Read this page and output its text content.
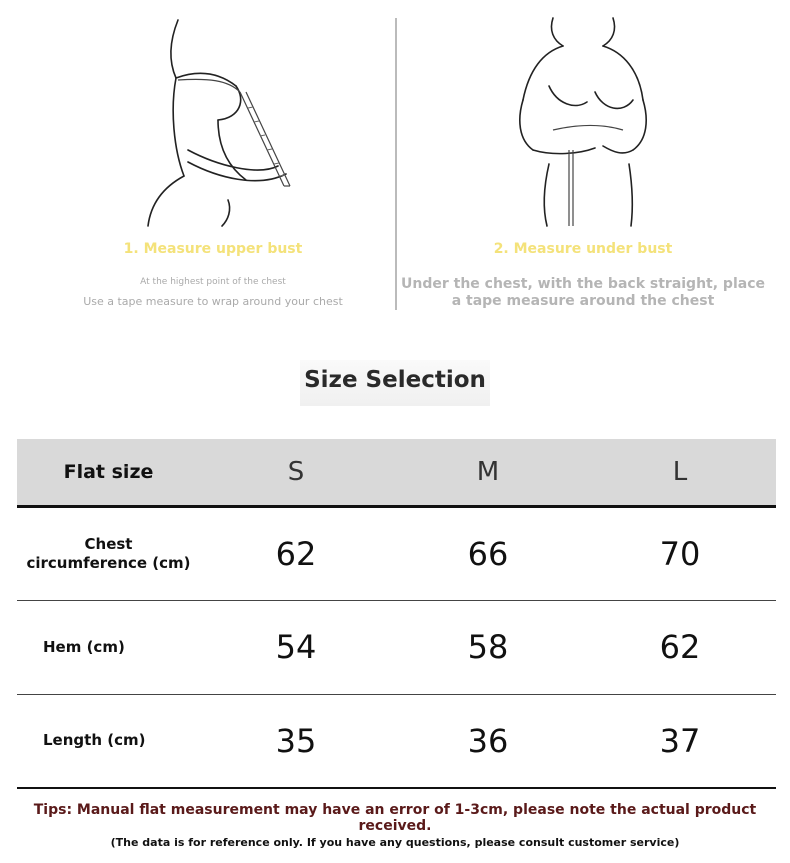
1. Measure upper bust
At the highest point of the chest
Use a tape measure to wrap around your chest
2. Measure under bust
Under the chest, with the back straight, place a tape measure around the chest
Size Selection
Flat size	S	M	L
Chest
circumference (cm)	62	66	70
Hem (cm)	54	58	62
Length (cm)	35	36	37
Tips: Manual flat measurement may have an error of 1-3cm, please note the actual product received.
(The data is for reference only. If you have any questions, please consult customer service)
